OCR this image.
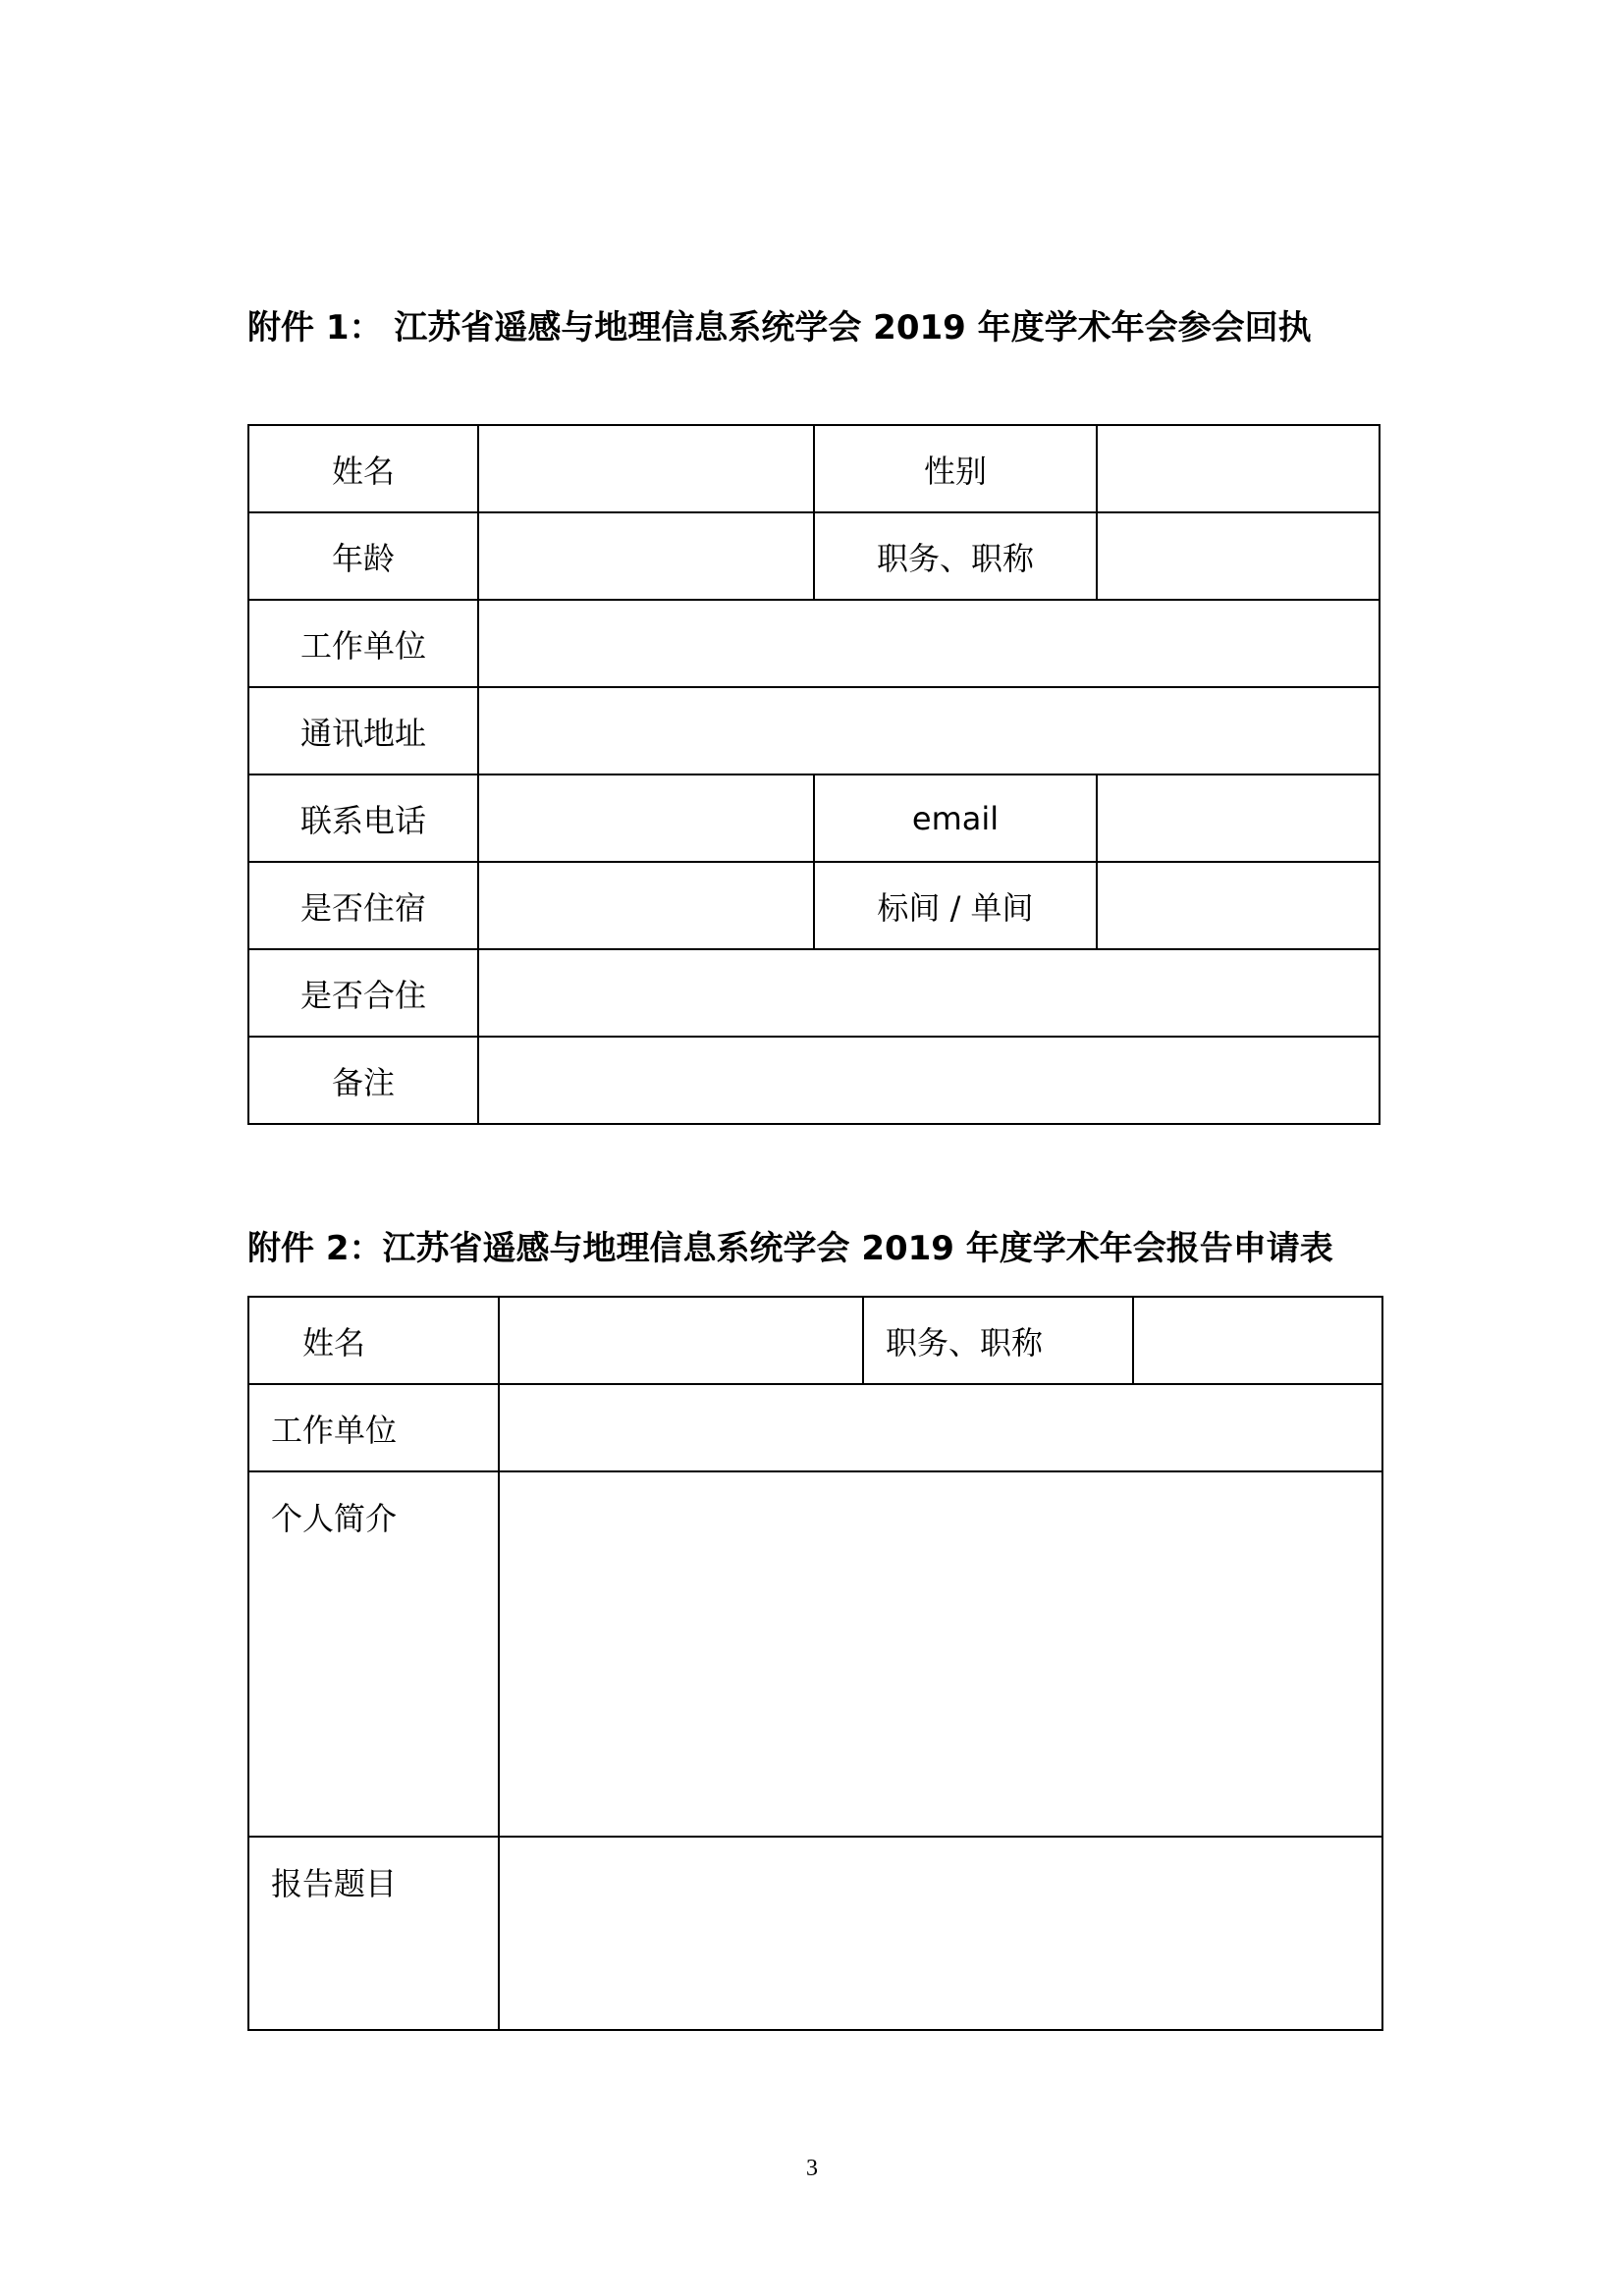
附件 1： 江苏省遥感与地理信息系统学会 2019 年度学术年会参会回执
姓名		性别	
年龄		职务、职称	
工作单位			
通讯地址			
联系电话		email	
是否住宿		标间 / 单间	
是否合住			
备注			
附件 2：江苏省遥感与地理信息系统学会 2019 年度学术年会报告申请表
姓名		职务、职称	
工作单位			
个人简介			
报告题目			
3
